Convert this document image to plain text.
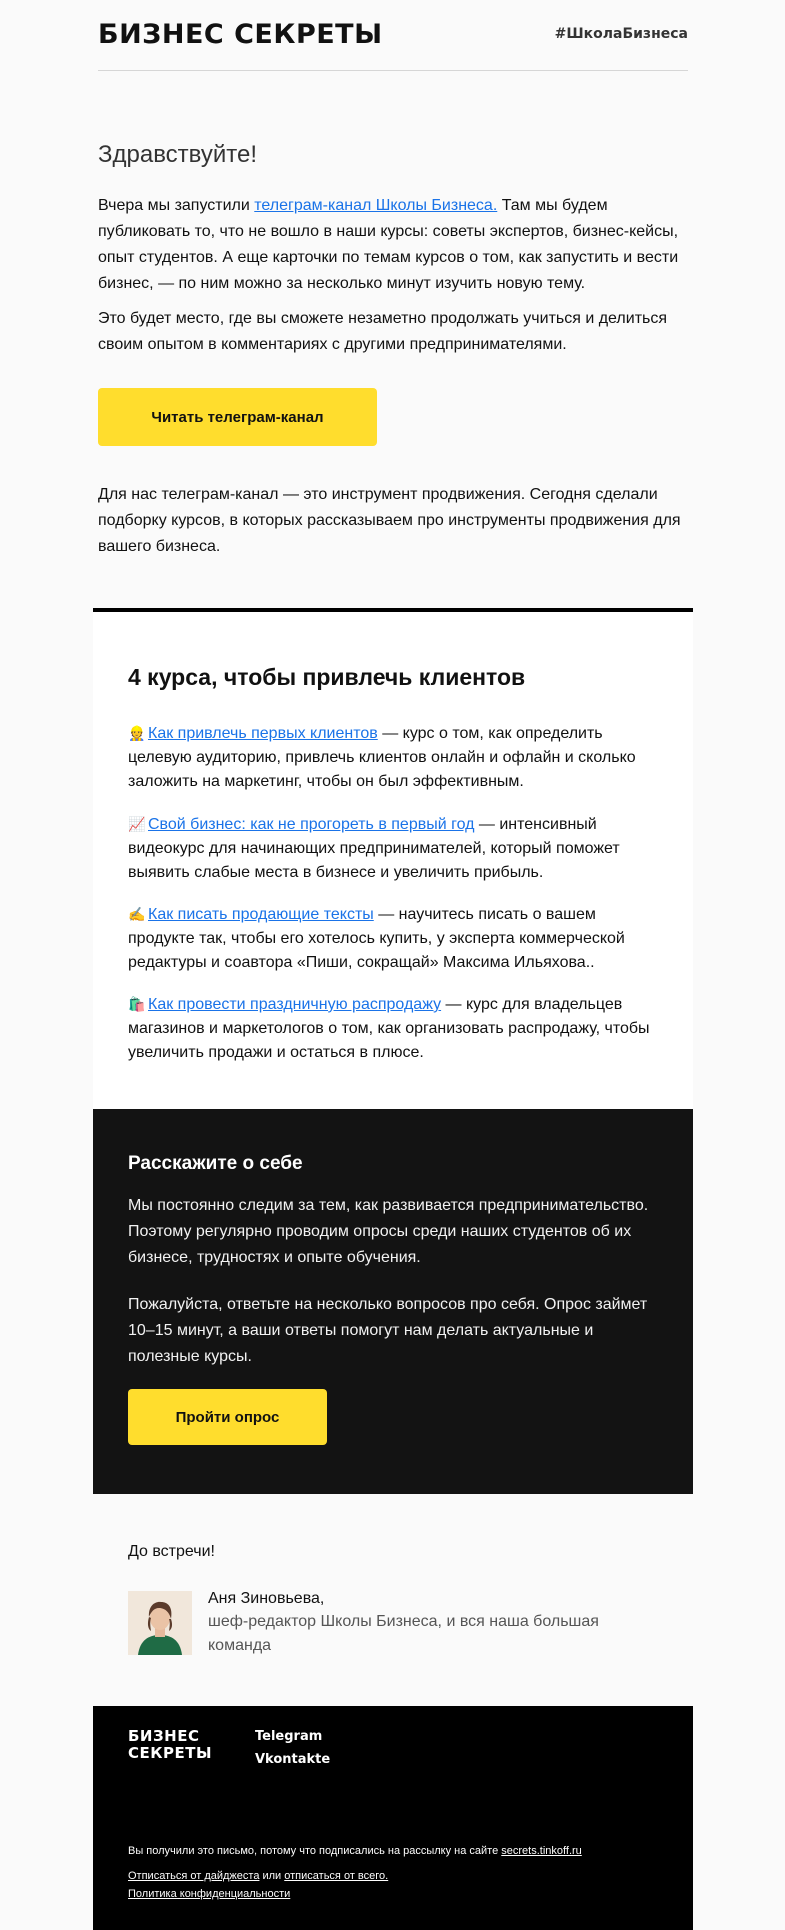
БИЗНЕС СЕКРЕТЫ	#ШколаБизнеса
Здравствуйте!
Вчера мы запустили телеграм-канал Школы Бизнеса. Там мы будем публиковать то, что не вошло в наши курсы: советы экспертов, бизнес-кейсы, опыт студентов. А еще карточки по темам курсов о том, как запустить и вести бизнес, — по ним можно за несколько минут изучить новую тему.
Это будет место, где вы сможете незаметно продолжать учиться и делиться своим опытом в комментариях с другими предпринимателями.
Читать телеграм-канал
Для нас телеграм-канал — это инструмент продвижения. Сегодня сделали подборку курсов, в которых рассказываем про инструменты продвижения для вашего бизнеса.
4 курса, чтобы привлечь клиентов
👷 Как привлечь первых клиентов — курс о том, как определить целевую аудиторию, привлечь клиентов онлайн и офлайн и сколько заложить на маркетинг, чтобы он был эффективным.
📈 Свой бизнес: как не прогореть в первый год — интенсивный видеокурс для начинающих предпринимателей, который поможет выявить слабые места в бизнесе и увеличить прибыль.
✍️ Как писать продающие тексты — научитесь писать о вашем продукте так, чтобы его хотелось купить, у эксперта коммерческой редактуры и соавтора «Пиши, сокращай» Максима Ильяхова..
🛍️ Как провести праздничную распродажу — курс для владельцев магазинов и маркетологов о том, как организовать распродажу, чтобы увеличить продажи и остаться в плюсе.
Расскажите о себе
Мы постоянно следим за тем, как развивается предпринимательство. Поэтому регулярно проводим опросы среди наших студентов об их бизнесе, трудностях и опыте обучения.
Пожалуйста, ответьте на несколько вопросов про себя. Опрос займет 10–15 минут, а ваши ответы помогут нам делать актуальные и полезные курсы.
Пройти опрос
До встречи!
Аня Зиновьева,
шеф-редактор Школы Бизнеса, и вся наша большая команда
БИЗНЕС
СЕКРЕТЫ
Telegram
Vkontakte
Вы получили это письмо, потому что подписались на рассылку на сайте secrets.tinkoff.ru
Отписаться от дайджеста или отписаться от всего.
Политика конфиденциальности
